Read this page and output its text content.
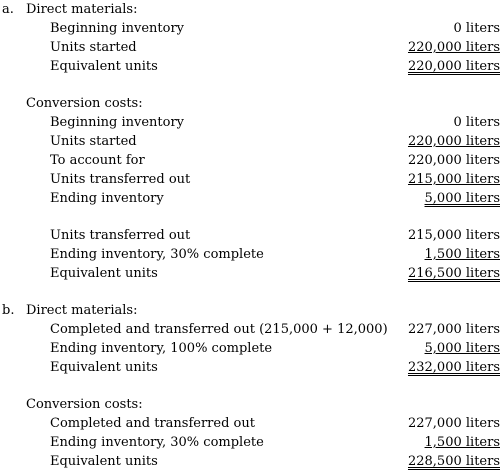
a. Direct materials:
Beginning inventory	0 liters
Units started	220,000 liters
Equivalent units	220,000 liters
Conversion costs:
Beginning inventory	0 liters
Units started	220,000 liters
To account for	220,000 liters
Units transferred out	215,000 liters
Ending inventory	5,000 liters
Units transferred out	215,000 liters
Ending inventory, 30% complete	1,500 liters
Equivalent units	216,500 liters
b. Direct materials:
Completed and transferred out (215,000 + 12,000) 227,000 liters
Ending inventory, 100% complete	5,000 liters
Equivalent units	232,000 liters
Conversion costs:
Completed and transferred out	227,000 liters
Ending inventory, 30% complete	1,500 liters
Equivalent units	228,500 liters
